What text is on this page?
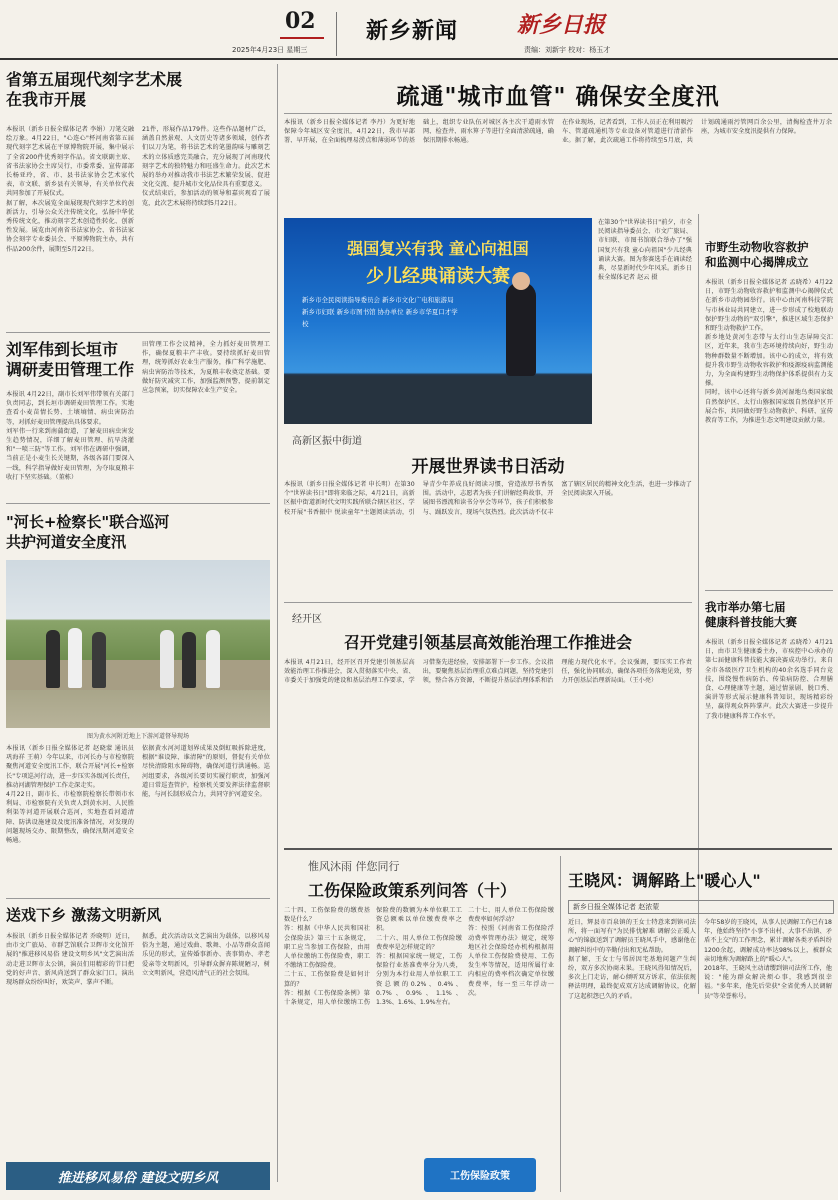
02
2025年4月23日 星期三
新乡新闻	新乡日报
责编：刘新宇 校对：杨玉才
省第五届现代刻字艺术展
在我市开展
本报讯（新乡日报全媒体记者 李娟）刀笔交融绘万象。4月22日，"心连心"杯河南省第五届现代刻字艺术展在平原博物院开展，集中展示了全省200件优秀刻字作品。省文联副主席、省书法家协会主席吴行，市委常委、宣传部部长杨亚玲，省、市、县书法家协会艺术家代表，市文联、新乡县有关领导，有关单位代表共同参加了开展仪式。
据了解，本次展览全面展现现代刻字艺术的创新活力，引导公众关注传统文化，弘扬中华优秀传统文化，推动刻字艺术创造性转化、创新性发展。展览由河南省书法家协会、省书法家协会刻字专业委员会、平原博物院主办，共有作品200余件，展期至5月22日。
21件，形展作品179件。这些作品题材广泛，涵盖自然景观、人文历史等诸多领域，创作者们以刀为笔，将书法艺术的笔墨韵味与雕刻艺术的立体质感完美融合，充分展现了河南现代刻字艺术的独特魅力和旺盛生命力。此次艺术展的举办对推动我市书法艺术繁荣发展、促进文化交流、提升城市文化品位具有重要意义。
仪式结束后，参加活动的领导和嘉宾观看了展览，此次艺术展将持续到5月22日。
刘军伟到长垣市
调研麦田管理工作
本报讯 4月22日，副市长刘军伟带领有关部门负责同志，到长垣市调研麦田管理工作。实地查看小麦苗情长势、土壤墒情、病虫害防治等，对抓好麦田管理提出具体要求。
刘军伟一行来到南蒲街道，了解麦田病虫害发生趋势情况，详细了解麦田管理、抗旱浇灌和"一喷三防"等工作。刘军伟在调研中强调，当前正是小麦生长关键期，各级各部门要深入一线，科学指导做好麦田管理，为夺取夏粮丰收打下坚实基础。（董栋）
田管理工作会议精神，全力抓好麦田管理工作，确保夏粮丰产丰收。要持续抓好麦田管理，统筹抓好农业生产服务，推广科学施肥、病虫害防治等技术，为夏粮丰收奠定基础。要做好防灾减灾工作，加强监测预警，提前制定应急预案，切实保障农业生产安全。
"河长+检察长"联合巡河
共护河道安全度汛
图为黄水河附近地上下游河道督导现场
本报讯（新乡日报全媒体记者 赵晓蒙 通讯员 巩海祥 王萌）今年以来，市河长办与市检察院聚焦河道安全度汛工作，联合开展"河长+检察长"专项巡河行动，进一步压实各级河长责任，推动河湖管理保护工作走深走实。
4月22日，副市长、市检察院检察长带领市水利局、市检察院有关负责人到黄水河、人民胜利渠等河道开展联合巡河，实地查看河道清障、防洪设施建设及度汛准备情况，对发现的问题现场交办、限期整改，确保汛期河道安全畅通。
依据黄水河河道划界成果及倒虹吸拆除进度，根据"谁设障、谁清障"的原则，督促有关单位尽快清除阻水障碍物，确保河道行洪通畅。巡河组要求，各级河长要切实履行职责，加强河道日常巡查管护，检察机关要发挥法律监督职能，与河长制形成合力，共同守护河道安全。
送戏下乡 激荡文明新风
本报讯（新乡日报全媒体记者 乔晓明）近日，由市文广旅局、市群艺馆联合卫辉市文化馆开展的"推进移风易俗 建设文明乡风"文艺演出活动走进卫辉市太公镇，演员们用精彩的节目把党的好声音、新风尚送到了群众家门口。演出现场群众纷纷叫好，欢笑声、掌声不断。
据悉，此次活动以文艺演出为载体，以移风易俗为主题，通过戏曲、歌舞、小品等群众喜闻乐见的形式，宣传婚事新办、丧事简办、孝老爱亲等文明新风，引导群众摒弃陈规陋习，树立文明新风，营造风清气正的社会氛围。
推进移风易俗 建设文明乡风
疏通"城市血管" 确保安全度汛
本报讯（新乡日报全媒体记者 李丹）为更好地保障今年城区安全度汛，4月22日，我市早部署、早开展，在全面梳理易涝点和薄弱环节的基础上，组织专业队伍对城区各主次干道雨水管网、检查井、雨水箅子等进行全面清淤疏通，确保汛期排水畅通。
在作业现场，记者看到，工作人员正在利用吸污车、管道疏通机等专业设备对管道进行清淤作业。据了解，此次疏通工作将持续至5月底，共计划疏通雨污管网百余公里，清掏检查井万余座，为城市安全度汛提供有力保障。
强国复兴有我 童心向祖国
少儿经典诵读大赛
新乡市全民阅读指导委员会 新乡市文化广电和旅游局 新乡市妇联 新乡市图书馆 协办单位 新乡市华夏口才学校
在第30个"世界读书日"前夕，市全民阅读指导委员会、市文广旅局、市妇联、市图书馆联合举办了"强国复兴有我 童心向祖国"少儿经典诵读大赛。图为参赛选手在诵读经典，尽显新时代少年风采。新乡日报全媒体记者 赵云 摄
高新区振中街道
开展世界读书日活动
本报讯（新乡日报全媒体记者 申长明）在第30个"世界读书日"即将来临之际，4月21日，高新区振中街道新时代文明实践所联合辖区社区、学校开展"书香振中 悦读童年"主题阅读活动，引导青少年养成良好阅读习惯，营造浓厚书香氛围。活动中，志愿者为孩子们讲解经典故事，开展图书漂流和读书分享会等环节，孩子们积极参与、踊跃发言，现场气氛热烈。此次活动不仅丰富了辖区居民的精神文化生活，也进一步推动了全民阅读深入开展。
经开区
召开党建引领基层高效能治理工作推进会
本报讯 4月21日，经开区召开党建引领基层高效能治理工作推进会，深入贯彻落实中央、省、市委关于加强党的建设和基层治理工作要求，学习借鉴先进经验，安排部署下一步工作。会议指出，要聚焦基层治理重点难点问题，坚持党建引领，整合各方资源，不断提升基层治理体系和治理能力现代化水平。会议强调，要压实工作责任，强化协同联动，确保各项任务落地见效，努力开创基层治理新局面。（王小亮）
市野生动物收容救护
和监测中心揭牌成立
本报讯（新乡日报全媒体记者 孟晓希）4月22日，市野生动物收容救护和监测中心揭牌仪式在新乡市动物园举行。该中心由河南科技学院与市林业局共同建立，进一步形成了校地联动保护野生动物的"双引擎"，推进区域生态保护和野生动物救护工作。
新乡地处黄河生态带与太行山生态屏障交汇区，近年来，我市生态环境持续向好，野生动物种群数量不断增加。该中心的成立，将有效提升我市野生动物收容救护和疫源疫病监测能力，为全面构建野生动物保护体系提供有力支撑。
同时，该中心还将与新乡黄河湿地鸟类国家级自然保护区、太行山猕猴国家级自然保护区开展合作，共同做好野生动物救护、科研、宣传教育等工作，为推进生态文明建设贡献力量。
我市举办第七届
健康科普技能大赛
本报讯（新乡日报全媒体记者 孟晓希）4月21日，由市卫生健康委主办，市疾控中心承办的第七届健康科普技能大赛决赛成功举行。来自全市各级医疗卫生机构的40余名选手同台竞技，围绕慢性病防治、传染病防控、合理膳食、心理健康等主题，通过情景剧、脱口秀、演讲等形式展示健康科普知识，现场精彩纷呈，赢得观众阵阵掌声。此次大赛进一步提升了我市健康科普工作水平。
惟风沐雨 伴您同行
工伤保险政策系列问答（十）
二十四、工伤保险费的缴费基数是什么？
答：根据《中华人民共和国社会保险法》第三十五条规定，职工应当参加工伤保险，由用人单位缴纳工伤保险费，职工不缴纳工伤保险费。
二十五、工伤保险费是如何计算的？
答：根据《工伤保险条例》第十条规定，用人单位缴纳工伤保险费的数额为本单位职工工资总额乘以单位缴费费率之积。
二十六、用人单位工伤保险缴费费率是怎样规定的？
答：根据国家统一规定，工伤保险行业基准费率分为八类，分别为本行业用人单位职工工资总额的0.2%、0.4%、0.7%、0.9%、1.1%、1.3%、1.6%、1.9%左右。
二十七、用人单位工伤保险缴费费率如何浮动？
答：按照《河南省工伤保险浮动费率管理办法》规定，统筹地区社会保险经办机构根据用人单位工伤保险费使用、工伤发生率等情况，适用所属行业内相应的费率档次确定单位缴费费率，每一至三年浮动一次。
工伤保险政策
王晓风：调解路上"暖心人"
新乡日报全媒体记者 赵浓蒙
近日，辉县市百泉镇的王女士特意来到镇司法所，将一面写有"为民排忧解难 调解公正暖人心"的锦旗送到了调解员王晓风手中，感谢他在调解纠纷中的辛勤付出和无私帮助。
据了解，王女士与邻居因宅基地问题产生纠纷，双方多次协商未果。王晓风得知情况后，多次上门走访，耐心倾听双方诉求，依法依规释法明理，最终促成双方达成调解协议，化解了这起积怨已久的矛盾。
今年58岁的王晓风，从事人民调解工作已有18年，他始终坚持"小事不出村、大事不出镇、矛盾不上交"的工作理念，累计调解各类矛盾纠纷1200余起，调解成功率达98%以上，被群众亲切地称为调解路上的"暖心人"。
2018年，王晓风主动请缨到镇司法所工作，他说："能为群众解决烦心事，我感到很幸福。"多年来，他先后荣获"全省优秀人民调解员"等荣誉称号。
